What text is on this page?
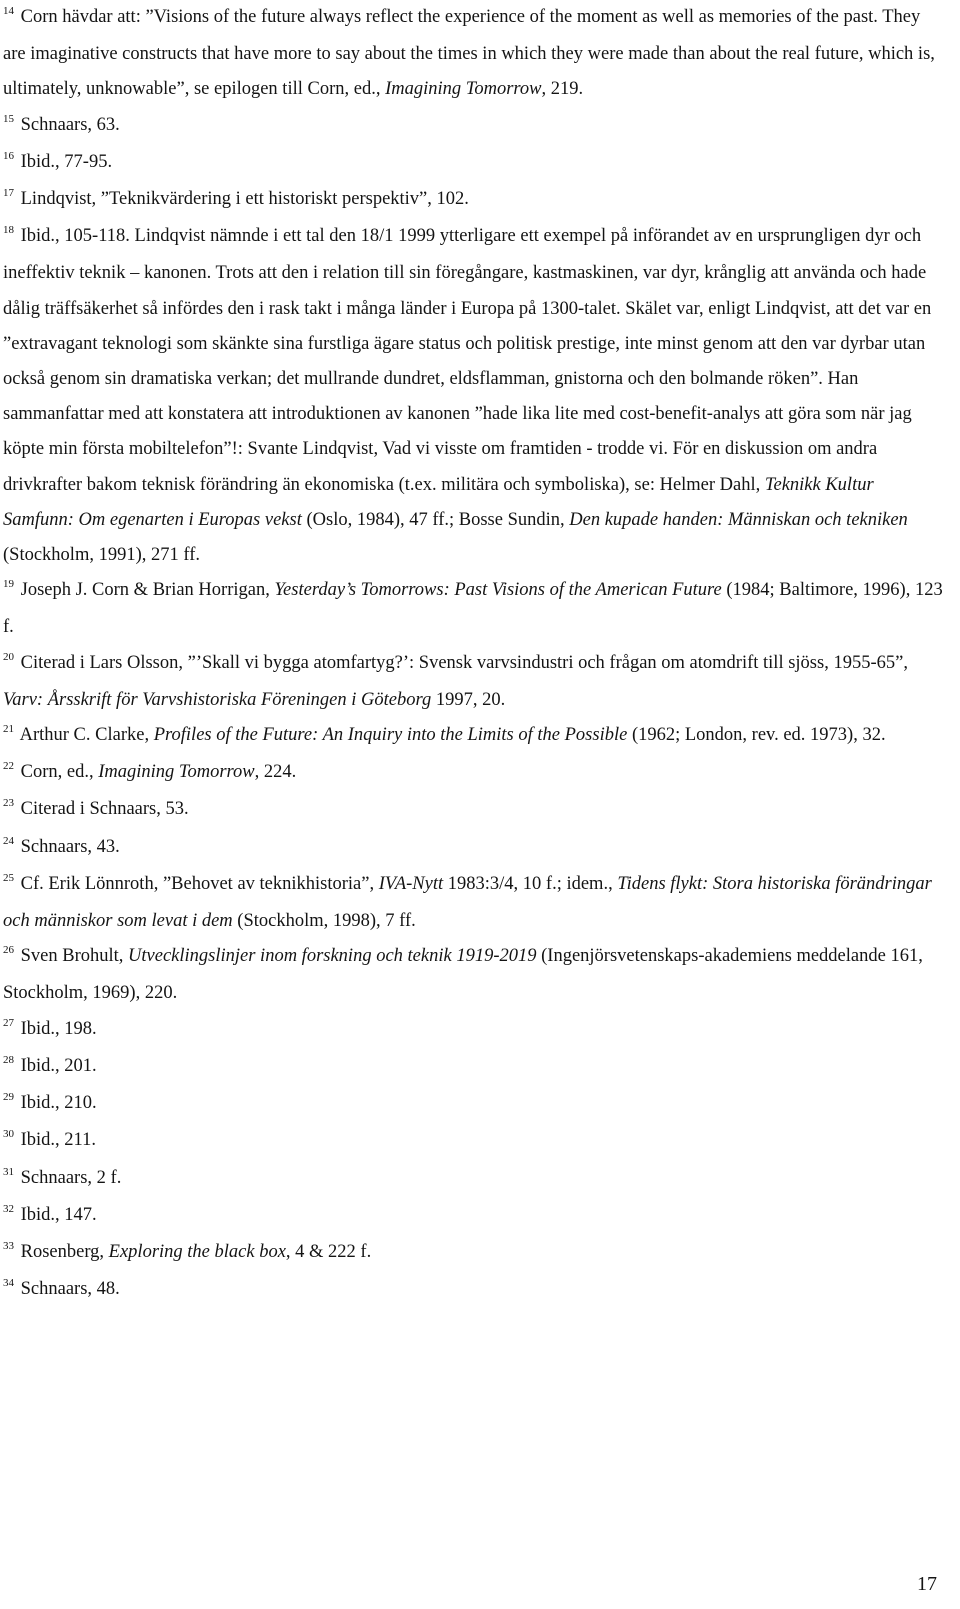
$^{14}$ Corn hävdar att: ”Visions of the future always reflect the experience of the moment as well as memories of the past. They are imaginative constructs that have more to say about the times in which they were made than about the real future, which is, ultimately, unknowable”, se epilogen till Corn, ed., Imagining Tomorrow, 219.

$^{15}$ Schnaars, 63.

$^{16}$ Ibid., 77-95.

$^{17}$ Lindqvist, ”Teknikvärdering i ett historiskt perspektiv”, 102.

$^{18}$ Ibid., 105-118. Lindqvist nämnde i ett tal den 18/1 1999 ytterligare ett exempel på införandet av en ursprungligen dyr och ineffektiv teknik – kanonen. Trots att den i relation till sin föregångare, kastmaskinen, var dyr, krånglig att använda och hade dålig träffsäkerhet så infördes den i rask takt i många länder i Europa på 1300-talet. Skälet var, enligt Lindqvist, att det var en ”extravagant teknologi som skänkte sina furstliga ägare status och politisk prestige, inte minst genom att den var dyrbar utan också genom sin dramatiska verkan; det mullrande dundret, eldsflamman, gnistorna och den bolmande röken”. Han sammanfattar med att konstatera att introduktionen av kanonen ”hade lika lite med cost-benefit-analys att göra som när jag köpte min första mobiltelefon”!: Svante Lindqvist, Vad vi visste om framtiden - trodde vi. För en diskussion om andra drivkrafter bakom teknisk förändring än ekonomiska (t.ex. militära och symboliska), se: Helmer Dahl, Teknikk Kultur Samfunn: Om egenarten i Europas vekst (Oslo, 1984), 47 ff.; Bosse Sundin, Den kupade handen: Människan och tekniken (Stockholm, 1991), 271 ff.

$^{19}$ Joseph J. Corn & Brian Horrigan, Yesterday’s Tomorrows: Past Visions of the American Future (1984; Baltimore, 1996), 123 f.

$^{20}$ Citerad i Lars Olsson, ”’Skall vi bygga atomfartyg?’: Svensk varvsindustri och frågan om atomdrift till sjöss, 1955-65”, Varv: Årsskrift för Varvshistoriska Föreningen i Göteborg 1997, 20.

$^{21}$ Arthur C. Clarke, Profiles of the Future: An Inquiry into the Limits of the Possible (1962; London, rev. ed. 1973), 32.

$^{22}$ Corn, ed., Imagining Tomorrow, 224.

$^{23}$ Citerad i Schnaars, 53.

$^{24}$ Schnaars, 43.

$^{25}$ Cf. Erik Lönnroth, ”Behovet av teknikhistoria”, IVA-Nytt 1983:3/4, 10 f.; idem., Tidens flykt: Stora historiska förändringar och människor som levat i dem (Stockholm, 1998), 7 ff.

$^{26}$ Sven Brohult, Utvecklingslinjer inom forskning och teknik 1919-2019 (Ingenjörsvetenskaps-akademiens meddelande 161, Stockholm, 1969), 220.

$^{27}$ Ibid., 198.

$^{28}$ Ibid., 201.

$^{29}$ Ibid., 210.

$^{30}$ Ibid., 211.

$^{31}$ Schnaars, 2 f.

$^{32}$ Ibid., 147.

$^{33}$ Rosenberg, Exploring the black box, 4 & 222 f.

$^{34}$ Schnaars, 48.

17
